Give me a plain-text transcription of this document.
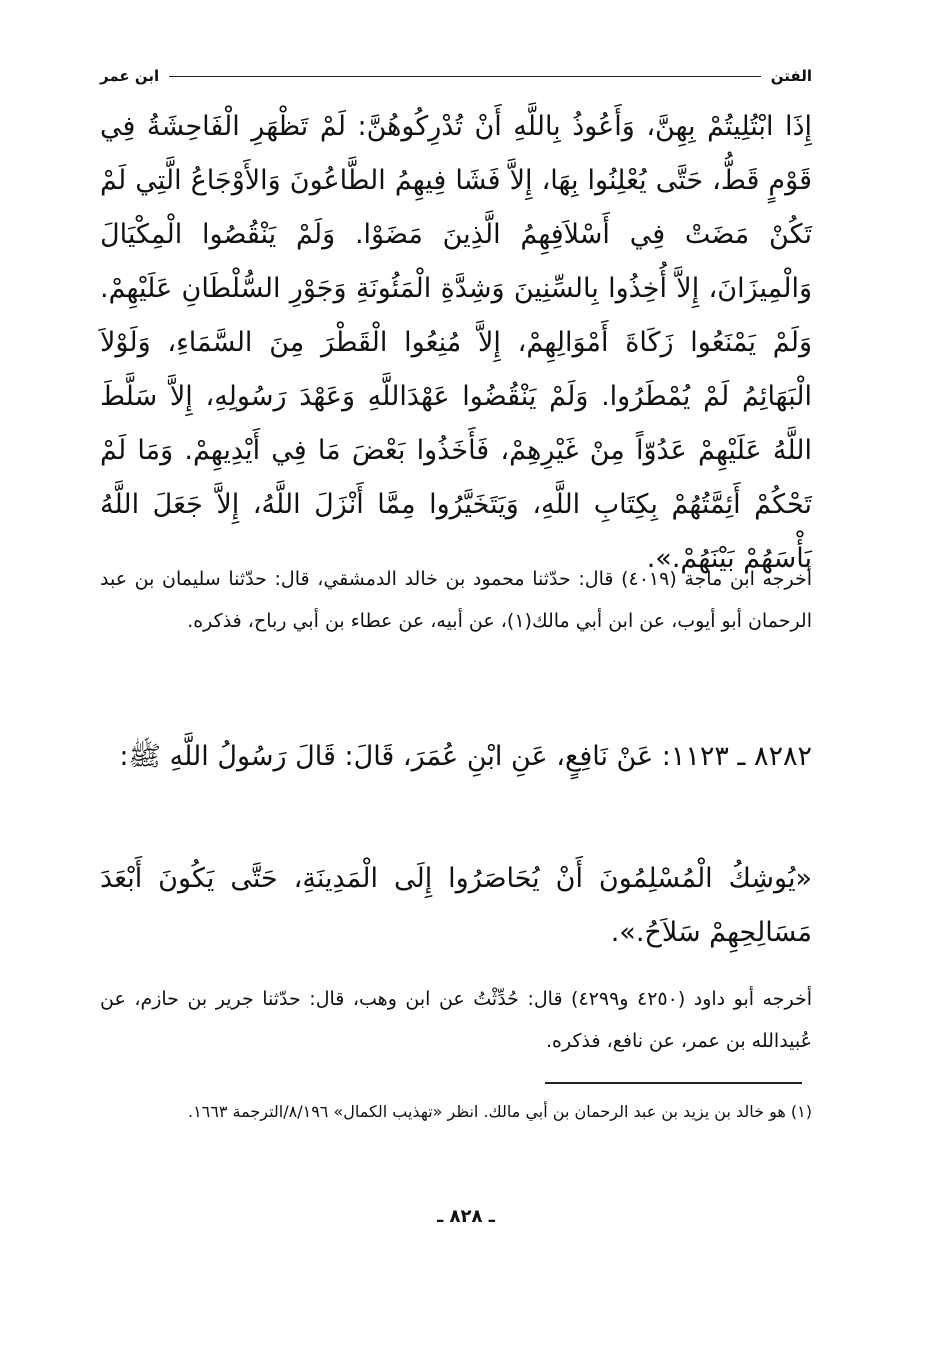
الفتن
ابن عمر
إِذَا ابْتُلِيتُمْ بِهِنَّ، وَأَعُوذُ بِاللَّهِ أَنْ تُدْرِكُوهُنَّ: لَمْ تَظْهَرِ الْفَاحِشَةُ فِي قَوْمٍ قَطُّ، حَتَّى يُعْلِنُوا بِهَا، إِلاَّ فَشَا فِيهِمُ الطَّاعُونَ وَالأَوْجَاعُ الَّتِي لَمْ تَكُنْ مَضَتْ فِي أَسْلاَفِهِمُ الَّذِينَ مَضَوْا. وَلَمْ يَنْقُصُوا الْمِكْيَالَ وَالْمِيزَانَ، إِلاَّ أُخِذُوا بِالسِّنِينَ وَشِدَّةِ الْمَئُونَةِ وَجَوْرِ السُّلْطَانِ عَلَيْهِمْ. وَلَمْ يَمْنَعُوا زَكَاةَ أَمْوَالِهِمْ، إِلاَّ مُنِعُوا الْقَطْرَ مِنَ السَّمَاءِ، وَلَوْلاَ الْبَهَائِمُ لَمْ يُمْطَرُوا. وَلَمْ يَنْقُضُوا عَهْدَاللَّهِ وَعَهْدَ رَسُولِهِ، إِلاَّ سَلَّطَ اللَّهُ عَلَيْهِمْ عَدُوّاً مِنْ غَيْرِهِمْ، فَأَخَذُوا بَعْضَ مَا فِي أَيْدِيهِمْ. وَمَا لَمْ تَحْكُمْ أَئِمَّتُهُمْ بِكِتَابِ اللَّهِ، وَيَتَخَيَّرُوا مِمَّا أَنْزَلَ اللَّهُ، إِلاَّ جَعَلَ اللَّهُ بَأْسَهُمْ بَيْنَهُمْ.».
أخرجه ابن ماجة (٤٠١٩) قال: حدّثنا محمود بن خالد الدمشقي، قال: حدّثنا سليمان بن عبد الرحمان أبو أيوب، عن ابن أبي مالك(١)، عن أبيه، عن عطاء بن أبي رباح، فذكره.
٨٢٨٢ ـ ١١٢٣: عَنْ نَافِعٍ، عَنِ ابْنِ عُمَرَ، قَالَ: قَالَ رَسُولُ اللَّهِ ﷺ:
«يُوشِكُ الْمُسْلِمُونَ أَنْ يُحَاصَرُوا إِلَى الْمَدِينَةِ، حَتَّى يَكُونَ أَبْعَدَ مَسَالِحِهِمْ سَلاَحُ.».
أخرجه أبو داود (٤٢٥٠ و٤٢٩٩) قال: حُدِّثْتُ عن ابن وهب، قال: حدّثنا جرير بن حازم، عن عُبيدالله بن عمر، عن نافع، فذكره.
(١) هو خالد بن يزيد بن عبد الرحمان بن أبي مالك. انظر «تهذيب الكمال» ٨/١٩٦/الترجمة ١٦٦٣.
ـ ٨٢٨ ـ
